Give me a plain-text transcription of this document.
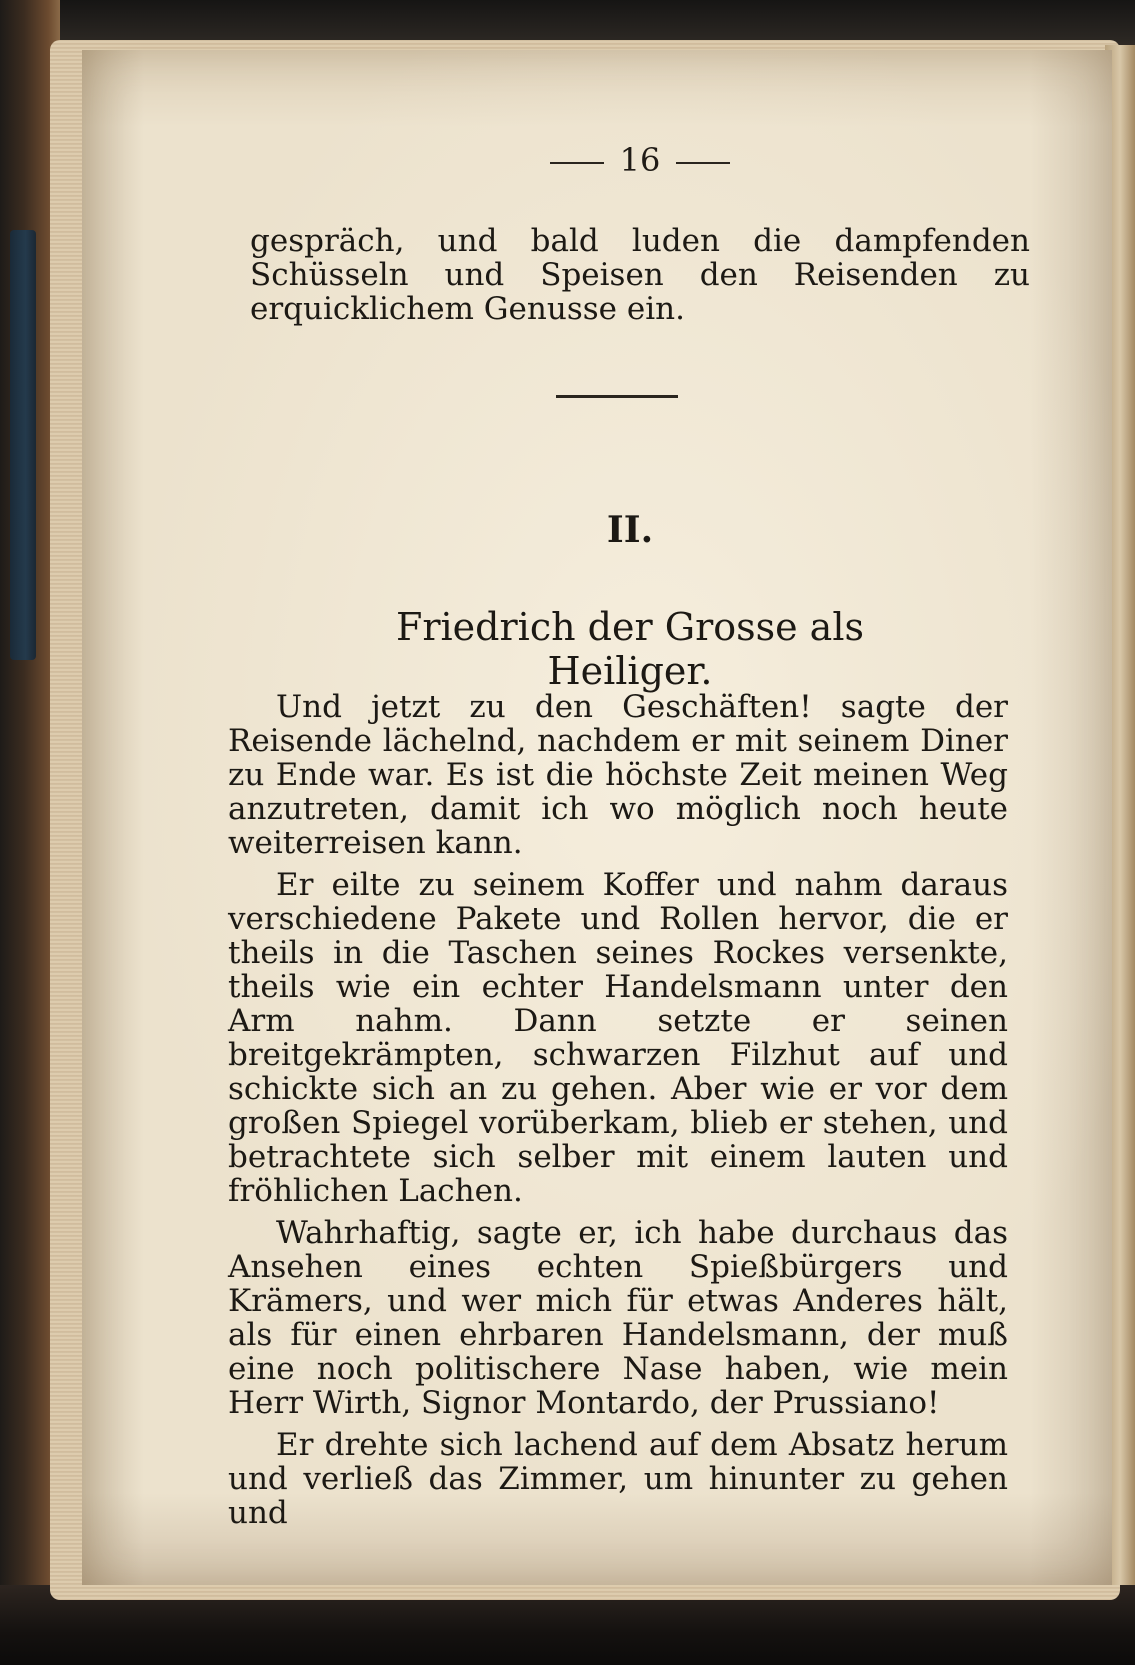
16
gespräch, und bald luden die dampfenden Schüsseln und Speisen den Reisenden zu erquicklichem Genusse ein.
II.
Friedrich der Grosse als Heiliger.

Und jetzt zu den Geschäften! sagte der Reisende lächelnd, nachdem er mit seinem Diner zu Ende war. Es ist die höchste Zeit meinen Weg anzutreten, damit ich wo möglich noch heute weiterreisen kann.

Er eilte zu seinem Koffer und nahm daraus verschiedene Pakete und Rollen hervor, die er theils in die Taschen seines Rockes versenkte, theils wie ein echter Handelsmann unter den Arm nahm. Dann setzte er seinen breitgekrämpten, schwarzen Filzhut auf und schickte sich an zu gehen. Aber wie er vor dem großen Spiegel vorüberkam, blieb er stehen, und betrachtete sich selber mit einem lauten und fröhlichen Lachen.

Wahrhaftig, sagte er, ich habe durchaus das Ansehen eines echten Spießbürgers und Krämers, und wer mich für etwas Anderes hält, als für einen ehrbaren Handelsmann, der muß eine noch politischere Nase haben, wie mein Herr Wirth, Signor Montardo, der Prussiano!

Er drehte sich lachend auf dem Absatz herum und verließ das Zimmer, um hinunter zu gehen und
